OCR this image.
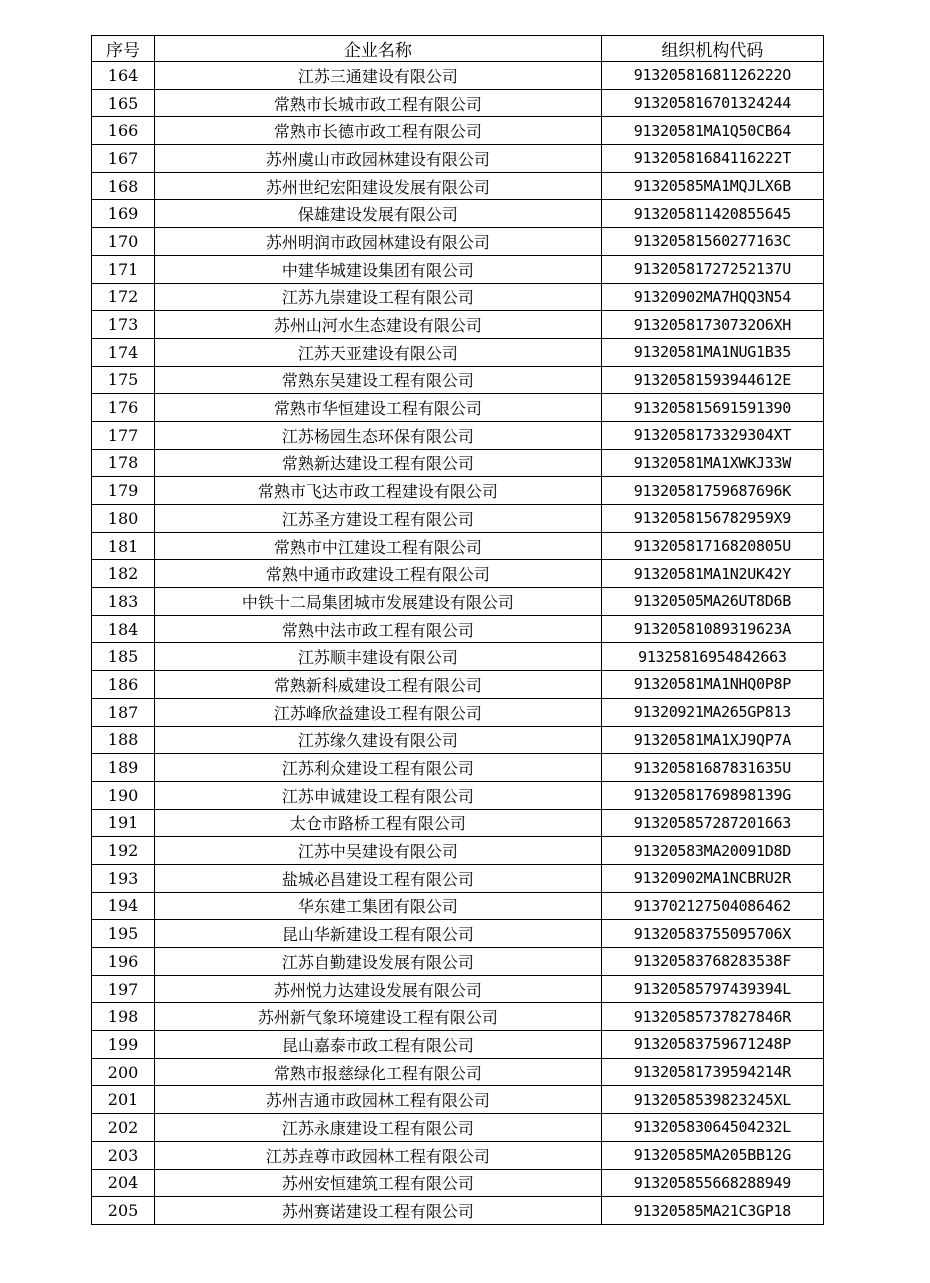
序号	企业名称	组织机构代码
164	江苏三通建设有限公司	91320581681126222O
165	常熟市长城市政工程有限公司	913205816701324244
166	常熟市长德市政工程有限公司	91320581MA1Q50CB64
167	苏州虞山市政园林建设有限公司	91320581684116222T
168	苏州世纪宏阳建设发展有限公司	91320585MA1MQJLX6B
169	保雄建设发展有限公司	913205811420855645
170	苏州明润市政园林建设有限公司	91320581560277163C
171	中建华城建设集团有限公司	91320581727252137U
172	江苏九崇建设工程有限公司	91320902MA7HQQ3N54
173	苏州山河水生态建设有限公司	91320581730732O6XH
174	江苏天亚建设有限公司	91320581MA1NUG1B35
175	常熟东吴建设工程有限公司	91320581593944612E
176	常熟市华恒建设工程有限公司	913205815691591390
177	江苏杨园生态环保有限公司	913205817332930​4XT
178	常熟新达建设工程有限公司	91320581MA1XWKJ33W
179	常熟市飞达市政工程建设有限公司	91320581759687696K
180	江苏圣方建设工程有限公司	91320581567829​59X9
181	常熟市中江建设工程有限公司	91320581716820805U
182	常熟中通市政建设工程有限公司	91320581MA1N2UK42Y
183	中铁十二局集团城市发展建设有限公司	91320505MA26UT8D6B
184	常熟中法市政工程有限公司	91320581089319623A
185	江苏顺丰建设有限公司	91325816954842663
186	常熟新科威建设工程有限公司	91320581MA1NHQ0P8P
187	江苏峰欣益建设工程有限公司	91320921MA265GP813
188	江苏缘久建设有限公司	91320581MA1XJ9QP7A
189	江苏利众建设工程有限公司	91320581687831635U
190	江苏申诚建设工程有限公司	91320581769898139G
191	太仓市路桥工程有限公司	913205857287201663
192	江苏中吴建设有限公司	91320583MA20091D8D
193	盐城必昌建设工程有限公司	91320902MA1NCBRU2R
194	华东建工集团有限公司	913702127504086462
195	昆山华新建设工程有限公司	91320583755095706X
196	江苏自勤建设发展有限公司	91320583768283538F
197	苏州悦力达建设发展有限公司	91320585797439394L
198	苏州新气象环境建设工程有限公司	91320585737827846R
199	昆山嘉泰市政工程有限公司	91320583759671248P
200	常熟市报慈绿化工程有限公司	91320581739594214R
201	苏州吉通市政园林工程有限公司	91320585398232​45XL
202	江苏永康建设工程有限公司	91320583064504232L
203	江苏垚尊市政园林工程有限公司	91320585MA205BB12G
204	苏州安恒建筑工程有限公司	913205855668288949
205	苏州赛诺建设工程有限公司	91320585MA21C3GP18
